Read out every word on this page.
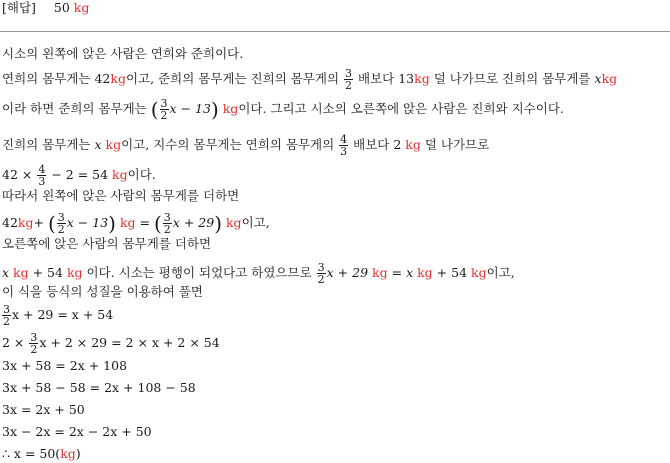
[해답] 50 kg
시소의 왼쪽에 앉은 사람은 연희와 준희이다.
연희의 몸무게는 42kg이고, 준희의 몸무게는 진희의 몸무게의 $\frac{3}{2}$ 배보다 13kg 덜 나가므로 진희의 몸무게를 xkg
이라 하면 준희의 몸무게는 ( $\frac{3}{2}$ x − 13) kg이다. 그리고 시소의 오른쪽에 앉은 사람은 진희와 지수이다.
진희의 몸무게는 x kg이고, 지수의 몸무게는 연희의 몸무게의 $\frac{4}{3}$ 배보다 2 kg 덜 나가므로
$42 \times \frac{4}{3} - 2 = 54$ kg이다.
따라서 왼쪽에 앉은 사람의 몸무게를 더하면
42kg+ ( $\frac{3}{2}$ x − 13) kg = ( $\frac{3}{2}$ x + 29) kg이고,
오른쪽에 앉은 사람의 몸무게를 더하면
x kg + 54 kg 이다. 시소는 평행이 되었다고 하였으므로 $\frac{3}{2}$ x + 29 kg = x kg + 54 kg이고,
이 식을 등식의 성질을 이용하여 풀면
$\frac{3}{2}$ x + 29 = x + 54
$2 \times \frac{3}{2}$ x + 2 × 29 = 2 × x + 2 × 54
3x + 58 = 2x + 108
3x + 58 − 58 = 2x + 108 − 58
3x = 2x + 50
3x − 2x = 2x − 2x + 50
∴ x = 50(kg)
